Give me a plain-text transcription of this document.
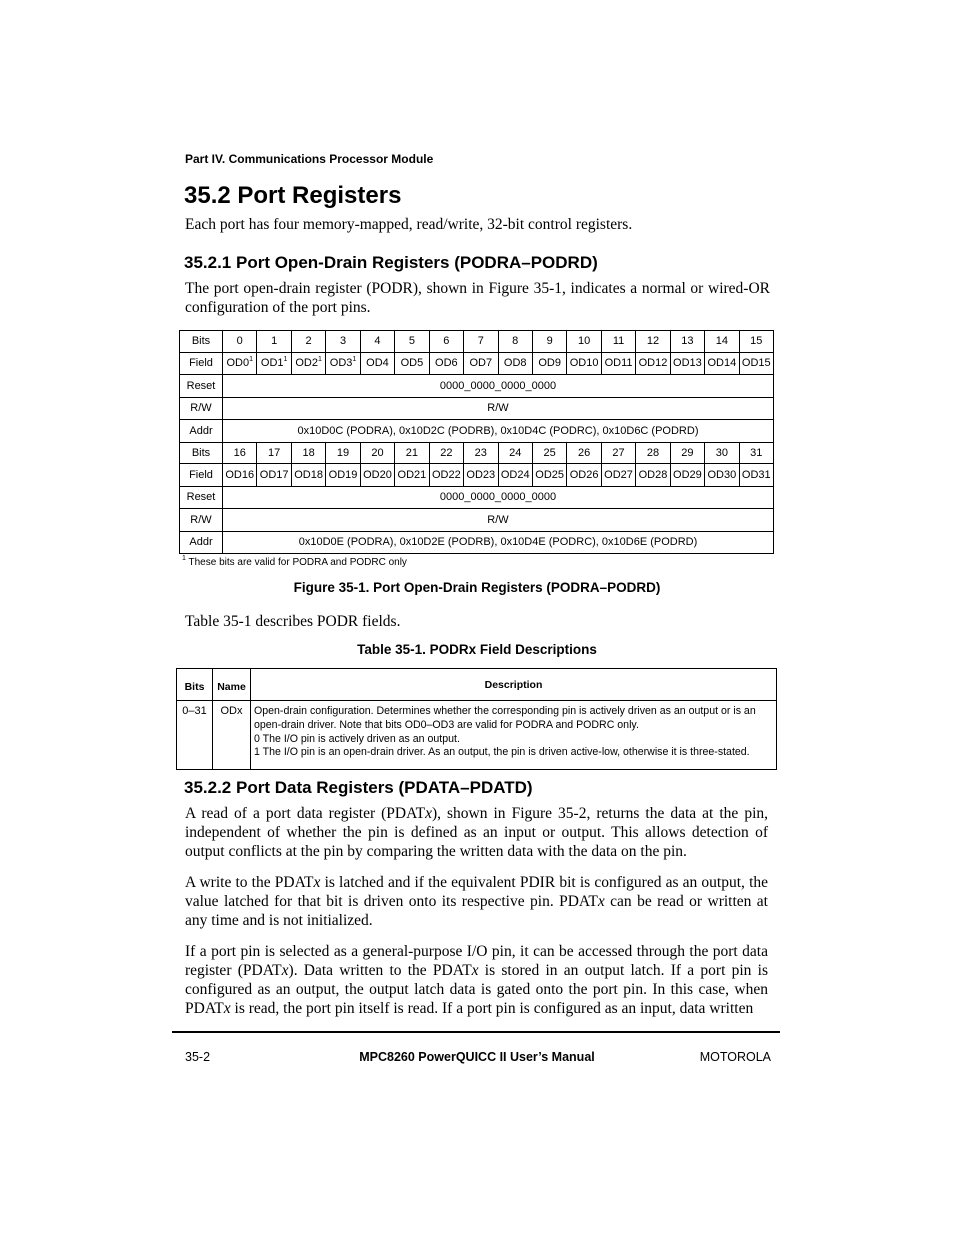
Part IV. Communications Processor Module
35.2 Port Registers

Each port has four memory-mapped, read/write, 32-bit control registers.

35.2.1 Port Open-Drain Registers (PODRA–PODRD)

The port open-drain register (PODR), shown in Figure 35-1, indicates a normal or wired-OR configuration of the port pins.

Bits	0	1	2	3	4	5	6	7	8	9	10	11	12	13	14	15
Field	$OD0^1$	$OD1^1$	$OD2^1$	$OD3^1$	OD4	OD5	OD6	OD7	OD8	OD9	OD10	OD11	OD12	OD13	OD14	OD15
Reset	0000_0000_0000_0000															
R/W	R/W															
Addr	0x10D0C (PODRA), 0x10D2C (PODRB), 0x10D4C (PODRC), 0x10D6C (PODRD)															
Bits	16	17	18	19	20	21	22	23	24	25	26	27	28	29	30	31
Field	OD16	OD17	OD18	OD19	OD20	OD21	OD22	OD23	OD24	OD25	OD26	OD27	OD28	OD29	OD30	OD31
Reset	0000_0000_0000_0000															
R/W	R/W															
Addr	0x10D0E (PODRA), 0x10D2E (PODRB), 0x10D4E (PODRC), 0x10D6E (PODRD)															
$^1$ These bits are valid for PODRA and PODRC only
Figure 35-1. Port Open-Drain Registers (PODRA–PODRD)
Table 35-1 describes PODR fields.
Table 35-1. PODRx Field Descriptions
Bits	Name	Description
0–31	ODx	Open-drain configuration. Determines whether the corresponding pin is actively driven as an output or is an open-drain driver. Note that bits OD0–OD3 are valid for PODRA and PODRC only.
0 The I/O pin is actively driven as an output.
1 The I/O pin is an open-drain driver. As an output, the pin is driven active-low, otherwise it is three-stated.
35.2.2 Port Data Registers (PDATA–PDATD)

A read of a port data register (PDATx), shown in Figure 35-2, returns the data at the pin, independent of whether the pin is defined as an input or output. This allows detection of output conflicts at the pin by comparing the written data with the data on the pin.

A write to the PDATx is latched and if the equivalent PDIR bit is configured as an output, the value latched for that bit is driven onto its respective pin. PDATx can be read or written at any time and is not initialized.

If a port pin is selected as a general-purpose I/O pin, it can be accessed through the port data register (PDATx). Data written to the PDATx is stored in an output latch. If a port pin is configured as an output, the output latch data is gated onto the port pin. In this case, when PDATx is read, the port pin itself is read. If a port pin is configured as an input, data written

35-2	MPC8260 PowerQUICC II User’s Manual	MOTOROLA
